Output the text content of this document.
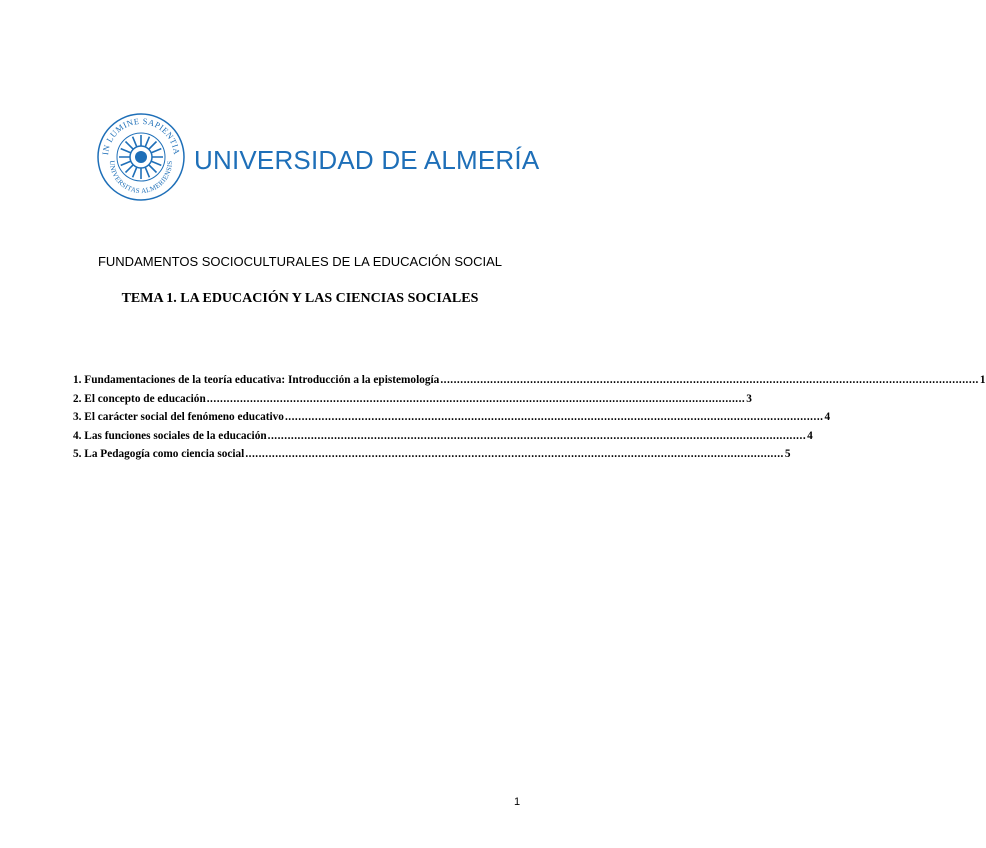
IN LUMINE SAPIENTIA
UNIVERSITAS ALMERIENSIS UNIVERSIDAD DE ALMERÍA
FUNDAMENTOS SOCIOCULTURALES DE LA EDUCACIÓN SOCIAL
TEMA 1. LA EDUCACIÓN Y LAS CIENCIAS SOCIALES
1. Fundamentaciones de la teoría educativa: Introducción a la epistemología .................................................................................................................................................................. 1
2. El concepto de educación .................................................................................................................................................................. 3
3. El carácter social del fenómeno educativo .................................................................................................................................................................. 4
4. Las funciones sociales de la educación .................................................................................................................................................................. 4
5. La Pedagogía como ciencia social .................................................................................................................................................................. 5
1
